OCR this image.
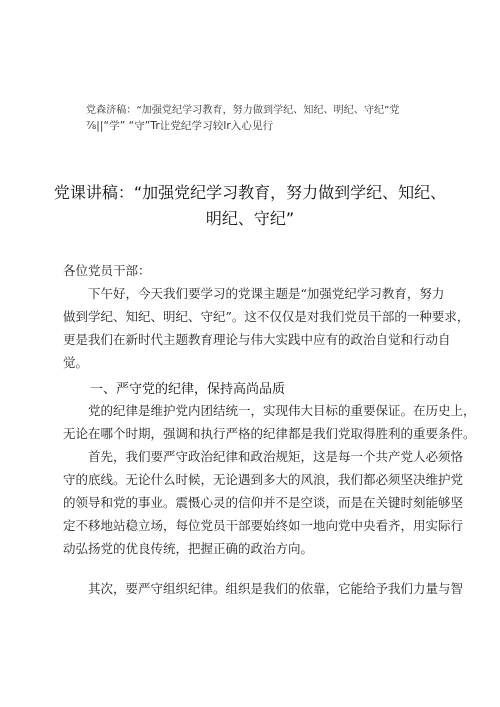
党森济稿：“加强党纪学习教育，努力做到学纪、知纪、明纪、守纪”党
⅞||“学” “守”Tr让党纪学习较lr入心见行
党课讲稿：“加强党纪学习教育，努力做到学纪、知纪、
明纪、守纪”
各位党员干部：
下午好，今天我们要学习的党课主题是“加强党纪学习教育，努力
做到学纪、知纪、明纪、守纪”。这不仅仅是对我们党员干部的一种要求，
更是我们在新时代主题教育理论与伟大实践中应有的政治自觉和行动自
觉。
一、严守党的纪律，保持高尚品质
党的纪律是维护党内团结统一，实现伟大目标的重要保证。在历史上，
无论在哪个时期，强调和执行严格的纪律都是我们党取得胜利的重要条件。
首先，我们要严守政治纪律和政治规矩，这是每一个共产党人必须恪
守的底线。无论什么时候，无论遇到多大的风浪，我们都必须坚决维护党
的领导和党的事业。震慑心灵的信仰并不是空谈，而是在关键时刻能够坚
定不移地站稳立场，每位党员干部要始终如一地向党中央看齐，用实际行
动弘扬党的优良传统，把握正确的政治方向。
其次，要严守组织纪律。组织是我们的依靠，它能给予我们力量与智
